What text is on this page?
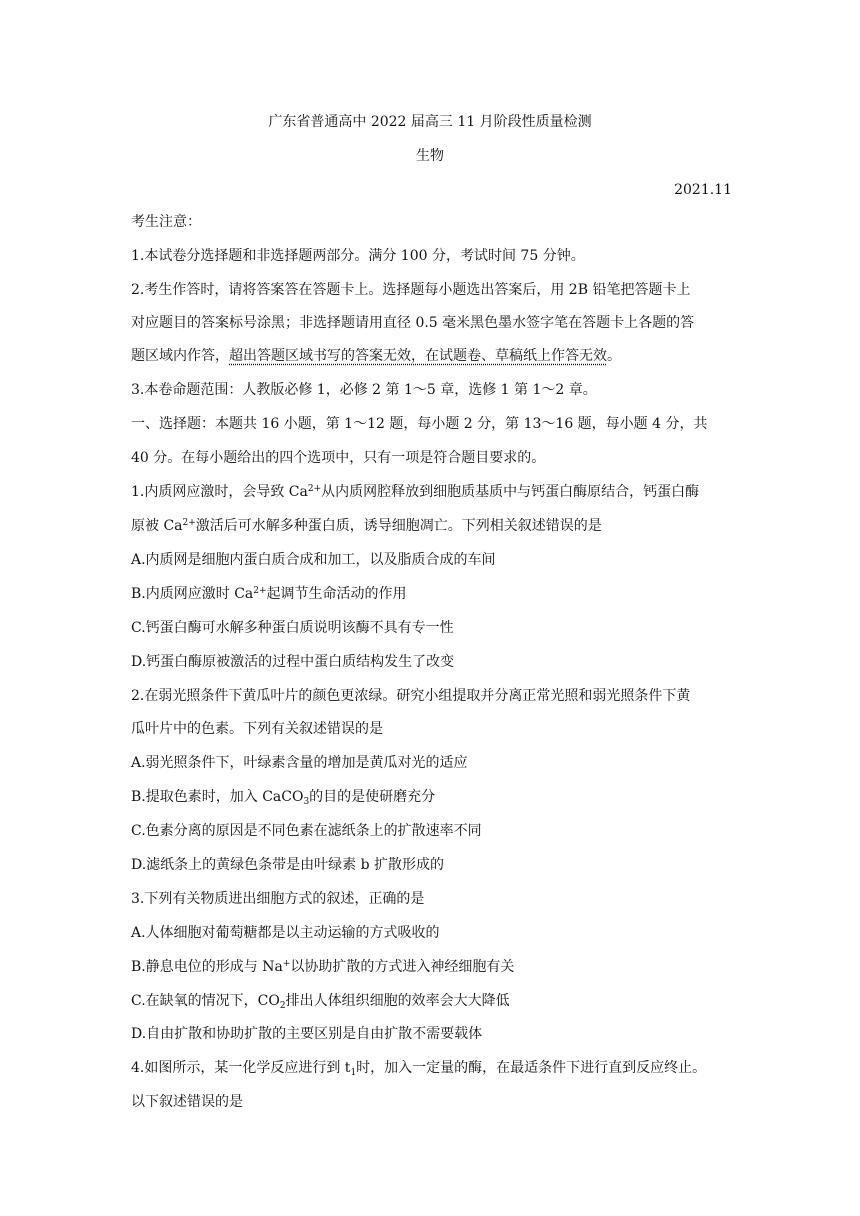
广东省普通高中 2022 届高三 11 月阶段性质量检测
生物
2021.11
考生注意：
1.本试卷分选择题和非选择题两部分。满分 100 分，考试时间 75 分钟。
2.考生作答时，请将答案答在答题卡上。选择题每小题选出答案后，用 2B 铅笔把答题卡上
对应题目的答案标号涂黑；非选择题请用直径 0.5 毫米黑色墨水签字笔在答题卡上各题的答
题区域内作答，超出答题区域书写的答案无效，在试题卷、草稿纸上作答无效。
3.本卷命题范围：人教版必修 1，必修 2 第 1～5 章，选修 1 第 1～2 章。
一、选择题：本题共 16 小题，第 1～12 题，每小题 2 分，第 13～16 题，每小题 4 分，共
40 分。在每小题给出的四个选项中，只有一项是符合题目要求的。
1.内质网应激时，会导致 $Ca^{2+}$从内质网腔释放到细胞质基质中与钙蛋白酶原结合，钙蛋白酶
原被 $Ca^{2+}$激活后可水解多种蛋白质，诱导细胞凋亡。下列相关叙述错误的是
A.内质网是细胞内蛋白质合成和加工，以及脂质合成的车间
B.内质网应激时 $Ca^{2+}$起调节生命活动的作用
C.钙蛋白酶可水解多种蛋白质说明该酶不具有专一性
D.钙蛋白酶原被激活的过程中蛋白质结构发生了改变
2.在弱光照条件下黄瓜叶片的颜色更浓绿。研究小组提取并分离正常光照和弱光照条件下黄
瓜叶片中的色素。下列有关叙述错误的是
A.弱光照条件下，叶绿素含量的增加是黄瓜对光的适应
B.提取色素时，加入 CaCO$_3$的目的是使研磨充分
C.色素分离的原因是不同色素在滤纸条上的扩散速率不同
D.滤纸条上的黄绿色条带是由叶绿素 b 扩散形成的
3.下列有关物质进出细胞方式的叙述，正确的是
A.人体细胞对葡萄糖都是以主动运输的方式吸收的
B.静息电位的形成与 Na+以协助扩散的方式进入神经细胞有关
C.在缺氧的情况下，$CO_2$排出人体组织细胞的效率会大大降低
D.自由扩散和协助扩散的主要区别是自由扩散不需要载体
4.如图所示，某一化学反应进行到 $t_1$时，加入一定量的酶，在最适条件下进行直到反应终止。
以下叙述错误的是
